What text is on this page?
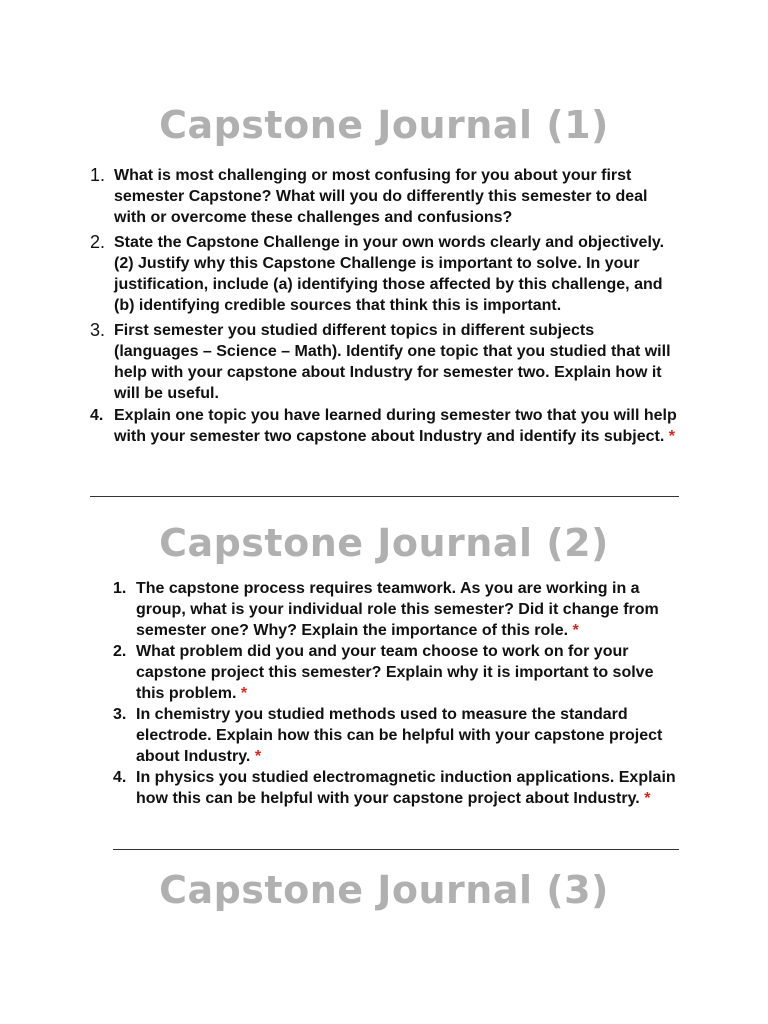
Capstone Journal (1)
1. What is most challenging or most confusing for you about your first semester Capstone? What will you do differently this semester to deal with or overcome these challenges and confusions?
2. State the Capstone Challenge in your own words clearly and objectively. (2) Justify why this Capstone Challenge is important to solve. In your justification, include (a) identifying those affected by this challenge, and (b) identifying credible sources that think this is important.
3. First semester you studied different topics in different subjects (languages – Science – Math). Identify one topic that you studied that will help with your capstone about Industry for semester two. Explain how it will be useful.
4. Explain one topic you have learned during semester two that you will help with your semester two capstone about Industry and identify its subject. *
Capstone Journal (2)
1. The capstone process requires teamwork. As you are working in a group, what is your individual role this semester? Did it change from semester one? Why? Explain the importance of this role. *
2. What problem did you and your team choose to work on for your capstone project this semester? Explain why it is important to solve this problem. *
3. In chemistry you studied methods used to measure the standard electrode. Explain how this can be helpful with your capstone project about Industry. *
4. In physics you studied electromagnetic induction applications. Explain how this can be helpful with your capstone project about Industry. *
Capstone Journal (3)
